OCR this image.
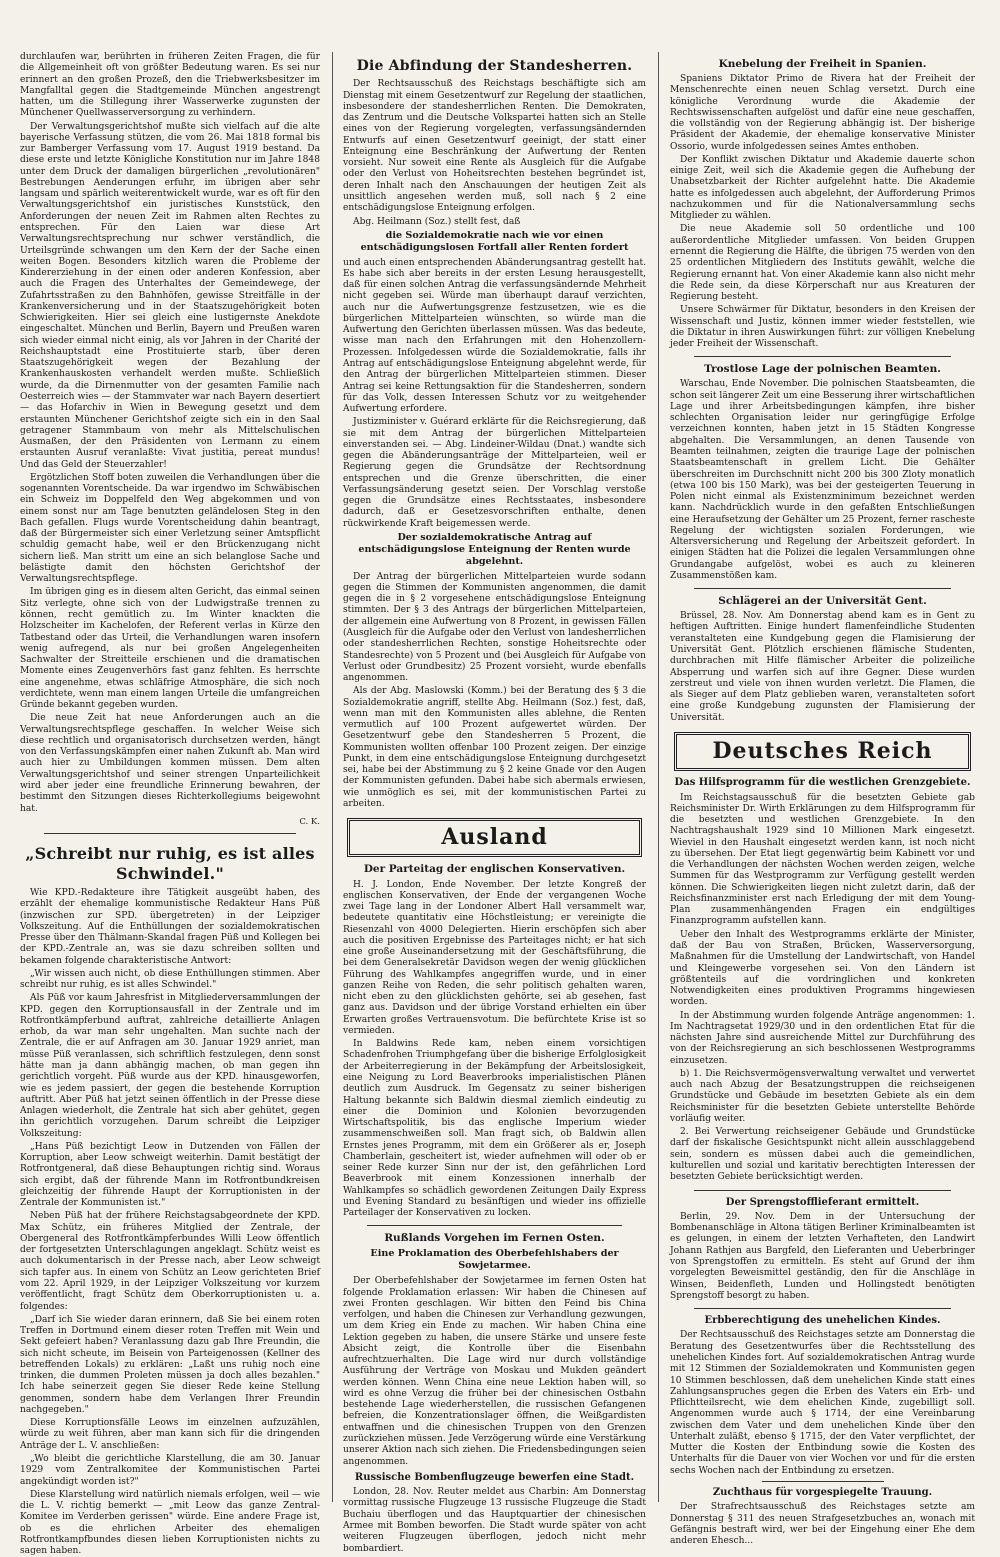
durchlaufen war, berührten in früheren Zeiten Fragen, die für die Allgemeinheit oft von größter Bedeutung waren. Es sei nur erinnert an den großen Prozeß, den die Triebwerksbesitzer im Mangfalltal gegen die Stadtgemeinde München angestrengt hatten, um die Stillegung ihrer Wasserwerke zugunsten der Münchener Quellwasserversorgung zu verhindern.

Der Verwaltungsgerichtshof mußte sich vielfach auf die alte bayerische Verfassung stützen, die vom 26. Mai 1818 formal bis zur Bamberger Verfassung vom 17. August 1919 bestand. Da diese erste und letzte Königliche Konstitution nur im Jahre 1848 unter dem Druck der damaligen bürgerlichen „revolutionären" Bestrebungen Aenderungen erfuhr, im übrigen aber sehr langsam und spärlich weiterentwickelt wurde, war es oft für den Verwaltungsgerichtshof ein juristisches Kunststück, den Anforderungen der neuen Zeit im Rahmen alten Rechtes zu entsprechen. Für den Laien war diese Art Verwaltungsrechtsprechung nur schwer verständlich, die Urteilsgründe schwangen um den Kern der der Sache einen weiten Bogen. Besonders kitzlich waren die Probleme der Kindererziehung in der einen oder anderen Konfession, aber auch die Fragen des Unterhaltes der Gemeindewege, der Zufahrtsstraßen zu den Bahnhöfen, gewisse Streitfälle in der Krankenversicherung und in der Staatszugehörigkeit boten Schwierigkeiten. Hier sei gleich eine lustigernste Anekdote eingeschaltet. München und Berlin, Bayern und Preußen waren sich wieder einmal nicht einig, als vor Jahren in der Charité der Reichshauptstadt eine Prostituierte starb, über deren Staatszugehörigkeit wegen der Bezahlung der Krankenhauskosten verhandelt werden mußte. Schließlich wurde, da die Dirnenmutter von der gesamten Familie nach Oesterreich wies — der Stammvater war nach Bayern desertiert — das Hofarchiv in Wien in Bewegung gesetzt und dem erstaunten Münchener Gerichtshof zeigte sich ein in den Saal getragener Stammbaum von mehr als Mittelschulischen Ausmaßen, der den Präsidenten von Lermann zu einem erstaunten Ausruf veranlaßte: Vivat justitia, pereat mundus! Und das Geld der Steuerzahler!

Ergötzlichen Stoff boten zuweilen die Verhandlungen über die sogenannten Vorentscheide. Da war irgendwo im Schwäbischen ein Schweiz im Doppelfeld den Weg abgekommen und von einem sonst nur am Tage benutzten geländelosen Steg in den Bach gefallen. Flugs wurde Vorentscheidung dahin beantragt, daß der Bürgermeister sich einer Verletzung seiner Amtspflicht schuldig gemacht habe, weil er den Brückenzugang nicht sichern ließ. Man stritt um eine an sich belanglose Sache und belästigte damit den höchsten Gerichtshof der Verwaltungsrechtspflege.

Im übrigen ging es in diesem alten Gericht, das einmal seinen Sitz verlegte, ohne sich von der Ludwigstraße trennen zu können, recht gemütlich zu. Im Winter knackten die Holzscheiter im Kachelofen, der Referent verlas in Kürze den Tatbestand oder das Urteil, die Verhandlungen waren insofern wenig aufregend, als nur bei großen Angelegenheiten Sachwalter der Streitteile erschienen und die dramatischen Momente eines Zeugenverhörs fast ganz fehlten. Es herrschte eine angenehme, etwas schläfrige Atmosphäre, die sich noch verdichtete, wenn man einem langen Urteile die umfangreichen Gründe bekannt gegeben wurden.

Die neue Zeit hat neue Anforderungen auch an die Verwaltungsrechtspflege geschaffen. In welcher Weise sich diese rechtlich und organisatorisch durchsetzen werden, hängt von den Verfassungskämpfen einer nahen Zukunft ab. Man wird auch hier zu Umbildungen kommen müssen. Dem alten Verwaltungsgerichtshof und seiner strengen Unparteilichkeit wird aber jeder eine freundliche Erinnerung bewahren, der bestimmt den Sitzungen dieses Richterkollegiums beigewohnt hat.

C. K.
„Schreibt nur ruhig, es ist alles Schwindel."

Wie KPD.-Redakteure ihre Tätigkeit ausgeübt haben, des erzählt der ehemalige kommunistische Redakteur Hans Püß (inzwischen zur SPD. übergetreten) in der Leipziger Volkszeitung. Auf die Enthüllungen der sozialdemokratischen Presse über den Thälmann-Skandal fragen Püß und Kollegen bei der KPD.-Zentrale an, was sie dazu schreiben sollten und bekamen folgende charakteristische Antwort:

„Wir wissen auch nicht, ob diese Enthüllungen stimmen. Aber schreibt nur ruhig, es ist alles Schwindel."

Als Püß vor kaum Jahresfrist in Mitgliederversammlungen der KPD. gegen den Korruptionsausfall in der Zentrale und im Rotfrontkämpferbund auftrat, zahlreiche detaillierte Anlagen erhob, da war man sehr ungehalten. Man suchte nach der Zentrale, die er auf Anfragen am 30. Januar 1929 anriet, man müsse Püß veranlassen, sich schriftlich festzulegen, denn sonst hätte man ja dann abhängig machen, ob man gegen ihn gerichtlich vorgeht. Püß wurde aus der KPD. hinausgeworfen, wie es jedem passiert, der gegen die bestehende Korruption auftritt. Aber Püß hat jetzt seinen öffentlich in der Presse diese Anlagen wiederholt, die Zentrale hat sich aber gehütet, gegen ihn gerichtlich vorzugehen. Darum schreibt die Leipziger Volkszeitung:

„Hans Püß bezichtigt Leow in Dutzenden von Fällen der Korruption, aber Leow schweigt weiterhin. Damit bestätigt der Rotfrontgeneral, daß diese Behauptungen richtig sind. Woraus sich ergibt, daß der führende Mann im Rotfrontbundkreisen gleichzeitig der führende Haupt der Korruptionisten in der Zentrale der Kommunisten ist."

Neben Püß hat der frühere Reichstagsabgeordnete der KPD. Max Schütz, ein früheres Mitglied der Zentrale, der Obergeneral des Rotfrontkämpferbundes Willi Leow öffentlich der fortgesetzten Unterschlagungen angeklagt. Schütz weist es auch dokumentarisch in der Presse nach, aber Leow schweigt sich tapfer aus. In einem von Schütz an Leow gerichteten Brief vom 22. April 1929, in der Leipziger Volkszeitung vor kurzem veröffentlicht, fragt Schütz dem Oberkorruptionisten u. a. folgendes:

„Darf ich Sie wieder daran erinnern, daß Sie bei einem roten Treffen in Dortmund einem dieser roten Treffen mit Wein und Sekt gefeiert haben? Veranlassung dazu gab Ihre Freundin, die sich nicht scheute, im Beisein von Parteigenossen (Kellner des betreffenden Lokals) zu erklären: „Laßt uns ruhig noch eine trinken, die dummen Proleten müssen ja doch alles bezahlen." Ich habe seinerzeit gegen Sie dieser Rede keine Stellung genommen, sondern habe dem Verlangen Ihrer Freundin nachgegeben."

Diese Korruptionsfälle Leows im einzelnen aufzuzählen, würde zu weit führen, aber man kann sich für die dringenden Anträge der L. V. anschließen:

„Wo bleibt die gerichtliche Klarstellung, die am 30. Januar 1929 vom Zentralkomitee der Kommunistischen Partei angekündigt worden ist?"

Diese Klarstellung wird natürlich niemals erfolgen, weil — wie die L. V. richtig bemerkt — „mit Leow das ganze Zentral-Komitee im Verderben gerissen" würde. Eine andere Frage ist, ob es die ehrlichen Arbeiter des ehemaligen Rotfrontkampfbundes diesen lieben Korruptionisten nichts zu sagen haben.

Die Abfindung der Standesherren.

Der Rechtsausschuß des Reichstags beschäftigte sich am Dienstag mit einem Gesetzentwurf zur Regelung der staatlichen, insbesondere der standesherrlichen Renten. Die Demokraten, das Zentrum und die Deutsche Volkspartei hatten sich an Stelle eines von der Regierung vorgelegten, verfassungsändernden Entwurfs auf einen Gesetzentwurf geeinigt, der statt einer Enteignung eine Beschränkung der Aufwertung der Renten vorsieht. Nur soweit eine Rente als Ausgleich für die Aufgabe oder den Verlust von Hoheitsrechten bestehen begründet ist, deren Inhalt nach den Anschauungen der heutigen Zeit als unsittlich angesehen werden muß, soll nach § 2 eine entschädigungslose Enteignung erfolgen.

Abg. Heilmann (Soz.) stellt fest, daß

die Sozialdemokratie nach wie vor einen entschädigungslosen Fortfall aller Renten fordert

und auch einen entsprechenden Abänderungsantrag gestellt hat. Es habe sich aber bereits in der ersten Lesung herausgestellt, daß für einen solchen Antrag die verfassungsändernde Mehrheit nicht gegeben sei. Würde man überhaupt darauf verzichten, auch nur die Aufwertungsgrenze festzusetzen, wie es die bürgerlichen Mittelparteien wünschten, so würde man die Aufwertung den Gerichten überlassen müssen. Was das bedeute, wisse man nach den Erfahrungen mit den Hohenzollern-Prozessen. Infolgedessen würde die Sozialdemokratie, falls ihr Antrag auf entschädigungslose Enteignung abgelehnt werde, für den Antrag der bürgerlichen Mittelparteien stimmen. Dieser Antrag sei keine Rettungsaktion für die Standesherren, sondern für das Volk, dessen Interessen Schutz vor zu weitgehender Aufwertung erfordere.

Justizminister v. Guérard erklärte für die Reichsregierung, daß sie mit dem Antrag der bürgerlichen Mittelparteien einverstanden sei. — Abg. Lindeiner-Wildau (Dnat.) wandte sich gegen die Abänderungsanträge der Mittelparteien, weil er Regierung gegen die Grundsätze der Rechtsordnung entsprechen und die Grenze überschritten, die einer Verfassungsänderung gesetzt seien. Der Vorschlag verstoße gegen die Grundsätze eines Rechtsstaates, insbesondere dadurch, daß er Gesetzesvorschriften enthalte, denen rückwirkende Kraft beigemessen werde.

Der sozialdemokratische Antrag auf entschädigungslose Enteignung der Renten wurde abgelehnt.

Der Antrag der bürgerlichen Mittelparteien wurde sodann gegen die Stimmen der Kommunisten angenommen, die damit gegen die in § 2 vorgesehene entschädigungslose Enteignung stimmten. Der § 3 des Antrags der bürgerlichen Mittelparteien, der allgemein eine Aufwertung von 8 Prozent, in gewissen Fällen (Ausgleich für die Aufgabe oder den Verlust von landesherrlichen oder standesherrlichen Rechten, sonstige Hoheitsrechte oder Standesrechte) von 5 Prozent und (bei Ausgleich für Aufgabe von Verlust oder Grundbesitz) 25 Prozent vorsieht, wurde ebenfalls angenommen.

Als der Abg. Maslowski (Komm.) bei der Beratung des § 3 die Sozialdemokratie angriff, stellte Abg. Heilmann (Soz.) fest, daß, wenn man mit den Kommunisten alles ablehne, die Renten vermutlich auf 100 Prozent aufgewertet würden. Der Gesetzentwurf gebe den Standesherren 5 Prozent, die Kommunisten wollten offenbar 100 Prozent zeigen. Der einzige Punkt, in dem eine entschädigungslose Enteignung durchgesetzt sei, habe bei der Abstimmung zu § 2 keine Gnade vor den Augen der Kommunisten gefunden. Dabei habe sich abermals erwiesen, wie unmöglich es sei, mit der kommunistischen Partei zu arbeiten.

Ausland
Der Parteitag der englischen Konservativen.

H. J. London, Ende November. Der letzte Kongreß der englischen Konservativen, der Ende der vergangenen Woche zwei Tage lang in der Londoner Albert Hall versammelt war, bedeutete quantitativ eine Höchstleistung; er vereinigte die Riesenzahl von 4000 Delegierten. Hierin erschöpfen sich aber auch die positiven Ergebnisse des Parteitages nicht; er hat sich eine große Auseinandersetzung mit der Geschäftsführung, die bei dem Generalsekretär Davidson wegen der wenig glücklichen Führung des Wahlkampfes angegriffen wurde, und in einer ganzen Reihe von Reden, die sehr politisch gehalten waren, nicht eben zu den glücklichsten gehörte, sei ab gesehen, fast ganz aus. Davidson und der übrige Vorstand erhielten ein über Erwarten großes Vertrauensvotum. Die befürchtete Krise ist so vermieden.

In Baldwins Rede kam, neben einem vorsichtigen Schadenfrohen Triumphgefang über die bisherige Erfolglosigkeit der Arbeiterregierung in der Bekämpfung der Arbeitslosigkeit, eine Neigung zu Lord Beaverbrooks imperialistischen Plänen deutlich zum Ausdruck. Im Gegensatz zu seiner bisherigen Haltung bekannte sich Baldwin diesmal ziemlich eindeutig zu einer die Dominion und Kolonien bevorzugenden Wirtschaftspolitik, bis das englische Imperium wieder zusammenschweißen soll. Man fragt sich, ob Baldwin allen Ernstes jenes Programm, mit dem ein Größerer als er, Joseph Chamberlain, gescheitert ist, wieder aufnehmen will oder ob er seiner Rede kurzer Sinn nur der ist, den gefährlichen Lord Beaverbrook mit einem Konzessionen innerhalb der Wahlkampfes so schädlich gewordenen Zeitungen Daily Express und Evening Standard zu besänftigen und wieder ins offizielle Parteilager der Konservativen zu locken.

Rußlands Vorgehen im Fernen Osten.
Eine Proklamation des Oberbefehlshabers der Sowjetarmee.

Der Oberbefehlshaber der Sowjetarmee im fernen Osten hat folgende Proklamation erlassen: Wir haben die Chinesen auf zwei Fronten geschlagen. Wir bitten den Feind bis China verfolgen, und haben die Chinesen zur Verhandlung gezwungen, um dem Krieg ein Ende zu machen. Wir haben China eine Lektion gegeben zu haben, die unsere Stärke und unsere feste Absicht zeigt, die Kontrolle über die Eisenbahn aufrechtzuerhalten. Die Lage wird nur durch vollständige Ausführung der Verträge von Moskau und Mukden geändert werden können. Wenn China eine neue Lektion haben will, so wird es ohne Verzug die früher bei der chinesischen Ostbahn bestehende Lage wiederherstellen, die russischen Gefangenen befreien, die Konzentrationslager öffnen, die Weißgardisten entwaffnen und die chinesischen Truppen von den Grenzen zurückziehen müssen. Jede Verzögerung würde eine Verstärkung unserer Aktion nach sich ziehen. Die Friedensbedingungen seien angenommen.

Russische Bombenflugzeuge bewerfen eine Stadt.

London, 28. Nov. Reuter meldet aus Charbin: Am Donnerstag vormittag russische Flugzeuge 13 russische Flugzeuge die Stadt Buchaiu überflogen und das Hauptquartier der chinesischen Armee mit Bomben beworfen. Die Stadt wurde später von acht weiteren Flugzeugen überflogen, jedoch nicht mehr bombardiert.

Knebelung der Freiheit in Spanien.

Spaniens Diktator Primo de Rivera hat der Freiheit der Menschenrechte einen neuen Schlag versetzt. Durch eine königliche Verordnung wurde die Akademie der Rechtswissenschaften aufgelöst und dafür eine neue geschaffen, die vollständig von der Regierung abhängig ist. Der bisherige Präsident der Akademie, der ehemalige konservative Minister Ossorio, wurde infolgedessen seines Amtes enthoben.

Der Konflikt zwischen Diktatur und Akademie dauerte schon einige Zeit, weil sich die Akademie gegen die Aufhebung der Unabsetzbarkeit der Richter aufgelehnt hatte. Die Akademie hatte es infolgedessen auch abgelehnt, der Aufforderung Primos nachzukommen und für die Nationalversammlung sechs Mitglieder zu wählen.

Die neue Akademie soll 50 ordentliche und 100 außerordentliche Mitglieder umfassen. Von beiden Gruppen ernennt die Regierung die Hälfte, die übrigen 75 werden von den 25 ordentlichen Mitgliedern des Instituts gewählt, welche die Regierung ernannt hat. Von einer Akademie kann also nicht mehr die Rede sein, da diese Körperschaft nur aus Kreaturen der Regierung besteht.

Unsere Schwärmer für Diktatur, besonders in den Kreisen der Wissenschaft und Justiz, können immer wieder feststellen, wie die Diktatur in ihren Auswirkungen führt: zur völligen Knebelung jeder Freiheit der Wissenschaft.

Trostlose Lage der polnischen Beamten.

Warschau, Ende November. Die polnischen Staatsbeamten, die schon seit längerer Zeit um eine Besserung ihrer wirtschaftlichen Lage und ihrer Arbeitsbedingungen kämpfen, ihre bisher schlechten Organisation leider nur geringfügige Erfolge verzeichnen konnten, haben jetzt in 15 Städten Kongresse abgehalten. Die Versammlungen, an denen Tausende von Beamten teilnahmen, zeigten die traurige Lage der polnischen Staatsbeamtenschaft in grellem Licht. Die Gehälter überschreiten im Durchschnitt nicht 200 bis 300 Zloty monatlich (etwa 100 bis 150 Mark), was bei der gesteigerten Teuerung in Polen nicht einmal als Existenzminimum bezeichnet werden kann. Nachdrücklich wurde in den gefaßten Entschließungen eine Heraufsetzung der Gehälter um 25 Prozent, ferner rascheste Regelung der wichtigsten sozialen Forderungen, wie Altersversicherung und Regelung der Arbeitszeit gefordert. In einigen Städten hat die Polizei die legalen Versammlungen ohne Grundangabe aufgelöst, wobei es auch zu kleineren Zusammenstößen kam.

Schlägerei an der Universität Gent.

Brüssel, 28. Nov. Am Donnerstag abend kam es in Gent zu heftigen Auftritten. Einige hundert flamenfeindliche Studenten veranstalteten eine Kundgebung gegen die Flamisierung der Universität Gent. Plötzlich erschienen flämische Studenten, durchbrachen mit Hilfe flämischer Arbeiter die polizeiliche Absperrung und warfen sich auf ihre Gegner. Diese wurden zerstreut und viele von ihnen wurden verletzt. Die Flamen, die als Sieger auf dem Platz geblieben waren, veranstalteten sofort eine große Kundgebung zugunsten der Flamisierung der Universität.

Deutsches Reich
Das Hilfsprogramm für die westlichen Grenzgebiete.

Im Reichstagsausschuß für die besetzten Gebiete gab Reichsminister Dr. Wirth Erklärungen zu dem Hilfsprogramm für die besetzten und westlichen Grenzgebiete. In den Nachtragshaushalt 1929 sind 10 Millionen Mark eingesetzt. Wieviel in den Haushalt eingesetzt werden kann, ist noch nicht zu übersehen. Der Etat liegt gegenwärtig beim Kabinett vor und die Verhandlungen der nächsten Wochen werden zeigen, welche Summen für das Westprogramm zur Verfügung gestellt werden können. Die Schwierigkeiten liegen nicht zuletzt darin, daß der Reichsfinanzminister erst nach Erledigung der mit dem Young-Plan zusammenhängenden Fragen ein endgültiges Finanzprogramm aufstellen kann.

Ueber den Inhalt des Westprogramms erklärte der Minister, daß der Bau von Straßen, Brücken, Wasserversorgung, Maßnahmen für die Umstellung der Landwirtschaft, von Handel und Kleingewerbe vorgesehen sei. Von den Ländern ist größtenteils auf die vordringlichen und konkreten Notwendigkeiten eines produktiven Programms hingewiesen worden.

In der Abstimmung wurden folgende Anträge angenommen: 1. Im Nachtragsetat 1929/30 und in den ordentlichen Etat für die nächsten Jahre sind ausreichende Mittel zur Durchführung des von der Reichsregierung an sich beschlossenen Westprogramms einzusetzen.

b) 1. Die Reichsvermögensverwaltung verwaltet und verwertet auch nach Abzug der Besatzungstruppen die reichseigenen Grundstücke und Gebäude im besetzten Gebiete als ein dem Reichsminister für die besetzten Gebiete unterstellte Behörde vorläufig weiter.

2. Bei Verwertung reichseigener Gebäude und Grundstücke darf der fiskalische Gesichtspunkt nicht allein ausschlaggebend sein, sondern es müssen dabei auch die gemeindlichen, kulturellen und sozial und karitativ berechtigten Interessen der besetzten Gebiete berücksichtigt werden.

Der Sprengstofflieferant ermittelt.

Berlin, 29. Nov. Dem in der Untersuchung der Bombenanschläge in Altona tätigen Berliner Kriminalbeamten ist es gelungen, in einem der letzten Verhafteten, den Landwirt Johann Rathjen aus Bargfeld, den Lieferanten und Ueberbringer von Sprengstoffen zu ermitteln. Es steht auf Grund der ihm vorgelegten Beweismittel geständig, den für die Anschläge in Winsen, Beidenfleth, Lunden und Hollingstedt benötigten Sprengstoff besorgt zu haben.

Erbberechtigung des unehelichen Kindes.

Der Rechtsausschuß des Reichstages setzte am Donnerstag die Beratung des Gesetzentwurfes über die Rechtsstellung des unehelichen Kindes fort. Auf sozialdemokratischen Antrag wurde mit 12 Stimmen der Sozialdemokraten und Kommunisten gegen 10 Stimmen beschlossen, daß dem unehelichen Kinde statt eines Zahlungsanspruches gegen die Erben des Vaters ein Erb- und Pflichtteilsrecht, wie dem ehelichen Kinde, zugebilligt soll. Angenommen wurde auch § 1714, der eine Vereinbarung zwischen dem Vater und dem unehelichen Kinde über den Unterhalt zuläßt, ebenso § 1715, der den Vater verpflichtet, der Mutter die Kosten der Entbindung sowie die Kosten des Unterhalts für die Dauer von vier Wochen vor und für die ersten sechs Wochen nach der Entbindung zu ersetzen.

Zuchthaus für vorgespiegelte Trauung.

Der Strafrechtsausschuß des Reichstages setzte am Donnerstag § 311 des neuen Strafgesetzbuches an, wonach mit Gefängnis bestraft wird, wer bei der Eingehung einer Ehe dem anderen Ehesch...
